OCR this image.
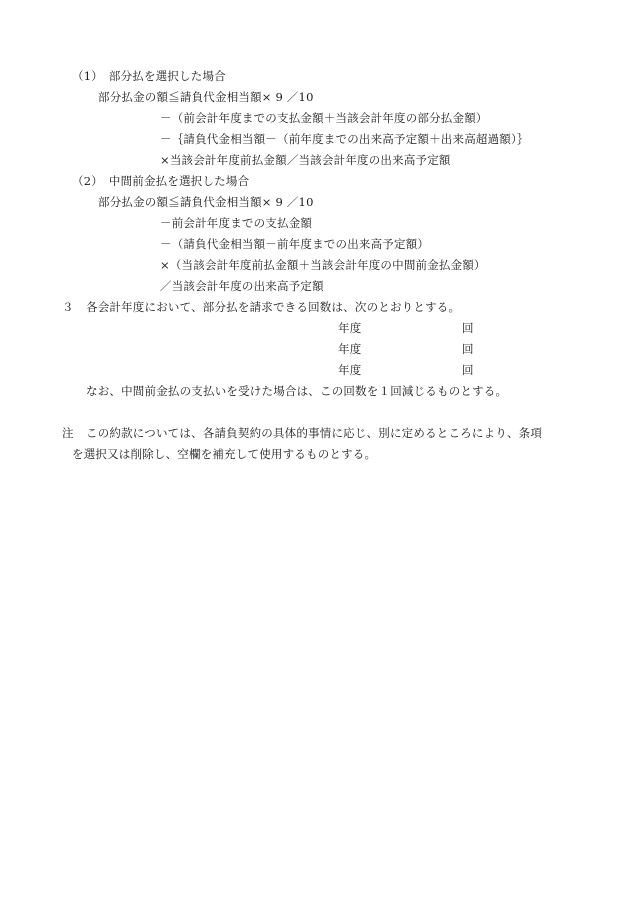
（1）　部分払を選択した場合
部分払金の額≦請負代金相当額× 9 ／10
－（前会計年度までの支払金額＋当該会計年度の部分払金額）
－｛請負代金相当額－（前年度までの出来高予定額＋出来高超過額）｝
×当該会計年度前払金額／当該会計年度の出来高予定額
（2）　中間前金払を選択した場合
部分払金の額≦請負代金相当額× 9 ／10
－前会計年度までの支払金額
－（請負代金相当額－前年度までの出来高予定額）
×（当該会計年度前払金額＋当該会計年度の中間前金払金額）
／当該会計年度の出来高予定額
３ 各会計年度において、部分払を請求できる回数は、次のとおりとする。
年度	回
年度	回
年度	回
なお、中間前金払の支払いを受けた場合は、この回数を１回減じるものとする。
注 この約款については、各請負契約の具体的事情に応じ、別に定めるところにより、条項
を選択又は削除し、空欄を補充して使用するものとする。
